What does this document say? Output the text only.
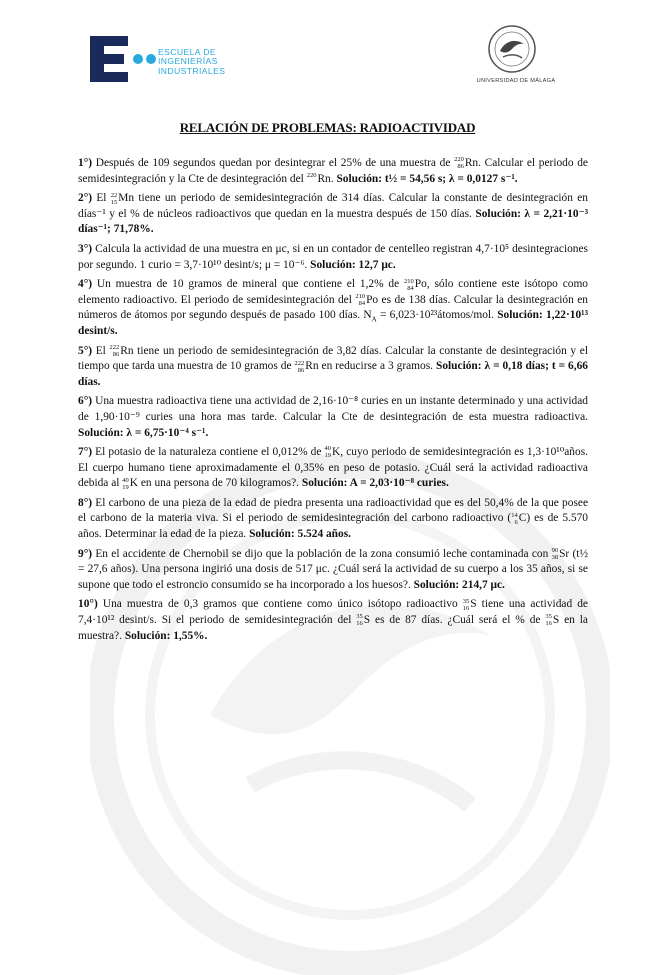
ESCUELA DE
INGENIERÍAS
INDUSTRIALES
UNIVERSIDAD DE MÁLAGA
RELACIÓN DE PROBLEMAS: RADIOACTIVIDAD

1°) Después de 109 segundos quedan por desintegrar el 25% de una muestra de 220
86 Rn. Calcular el periodo de semidesintegración y la Cte de desintegración del 220
Rn. Solución: t½ = 54,56 s; λ = 0,0127 s⁻¹.

2°) El 22
15 Mn tiene un periodo de semidesintegración de 314 días. Calcular la constante de desintegración en días⁻¹ y el % de núcleos radioactivos que quedan en la muestra después de 150 días. Solución: λ = 2,21·10⁻³ días⁻¹; 71,78%.

3°) Calcula la actividad de una muestra en μc, si en un contador de centelleo registran 4,7·10⁵ desintegraciones por segundo. 1 curio = 3,7·10¹⁰ desint/s; μ = 10⁻⁶. Solución: 12,7 μc.

4°) Un muestra de 10 gramos de mineral que contiene el 1,2% de 210
84 Po, sólo contiene este isótopo como elemento radioactivo. El periodo de semidesintegración del 210
84 Po es de 138 días. Calcular la desintegración en números de átomos por segundo después de pasado 100 días. $N_A$ = 6,023·10²³átomos/mol. Solución: 1,22·10¹³ desint/s.

5°) El 222
86 Rn tiene un periodo de semidesintegración de 3,82 días. Calcular la constante de desintegración y el tiempo que tarda una muestra de 10 gramos de 222
86 Rn en reducirse a 3 gramos. Solución: λ = 0,18 días; t = 6,66 días.

6°) Una muestra radioactiva tiene una actividad de 2,16·10⁻⁸ curies en un instante determinado y una actividad de 1,90·10⁻⁹ curies una hora mas tarde. Calcular la Cte de desintegración de esta muestra radioactiva. Solución: λ = 6,75·10⁻⁴ s⁻¹.

7°) El potasio de la naturaleza contiene el 0,012% de 40
19 K, cuyo periodo de semidesintegración es 1,3·10¹⁰años. El cuerpo humano tiene aproximadamente el 0,35% en peso de potasio. ¿Cuál será la actividad radioactiva debida al 40
19 K en una persona de 70 kilogramos?. Solución: A = 2,03·10⁻⁸ curies.

8°) El carbono de una pieza de la edad de piedra presenta una radioactividad que es del 50,4% de la que posee el carbono de la materia viva. Si el periodo de semidesintegración del carbono radioactivo ( 14
6 C) es de 5.570 años. Determinar la edad de la pieza. Solución: 5.524 años.

9°) En el accidente de Chernobil se dijo que la población de la zona consumió leche contaminada con 90
38 Sr (t½ = 27,6 años). Una persona ingirió una dosis de 517 μc. ¿Cuál será la actividad de su cuerpo a los 35 años, si se supone que todo el estroncio consumido se ha incorporado a los huesos?. Solución: 214,7 μc.

10°) Una muestra de 0,3 gramos que contiene como único isótopo radioactivo 35
16 S tiene una actividad de 7,4·10¹² desint/s. Si el periodo de semidesintegración del 35
16 S es de 87 días. ¿Cuál será el % de 35
16 S en la muestra?. Solución: 1,55%.
